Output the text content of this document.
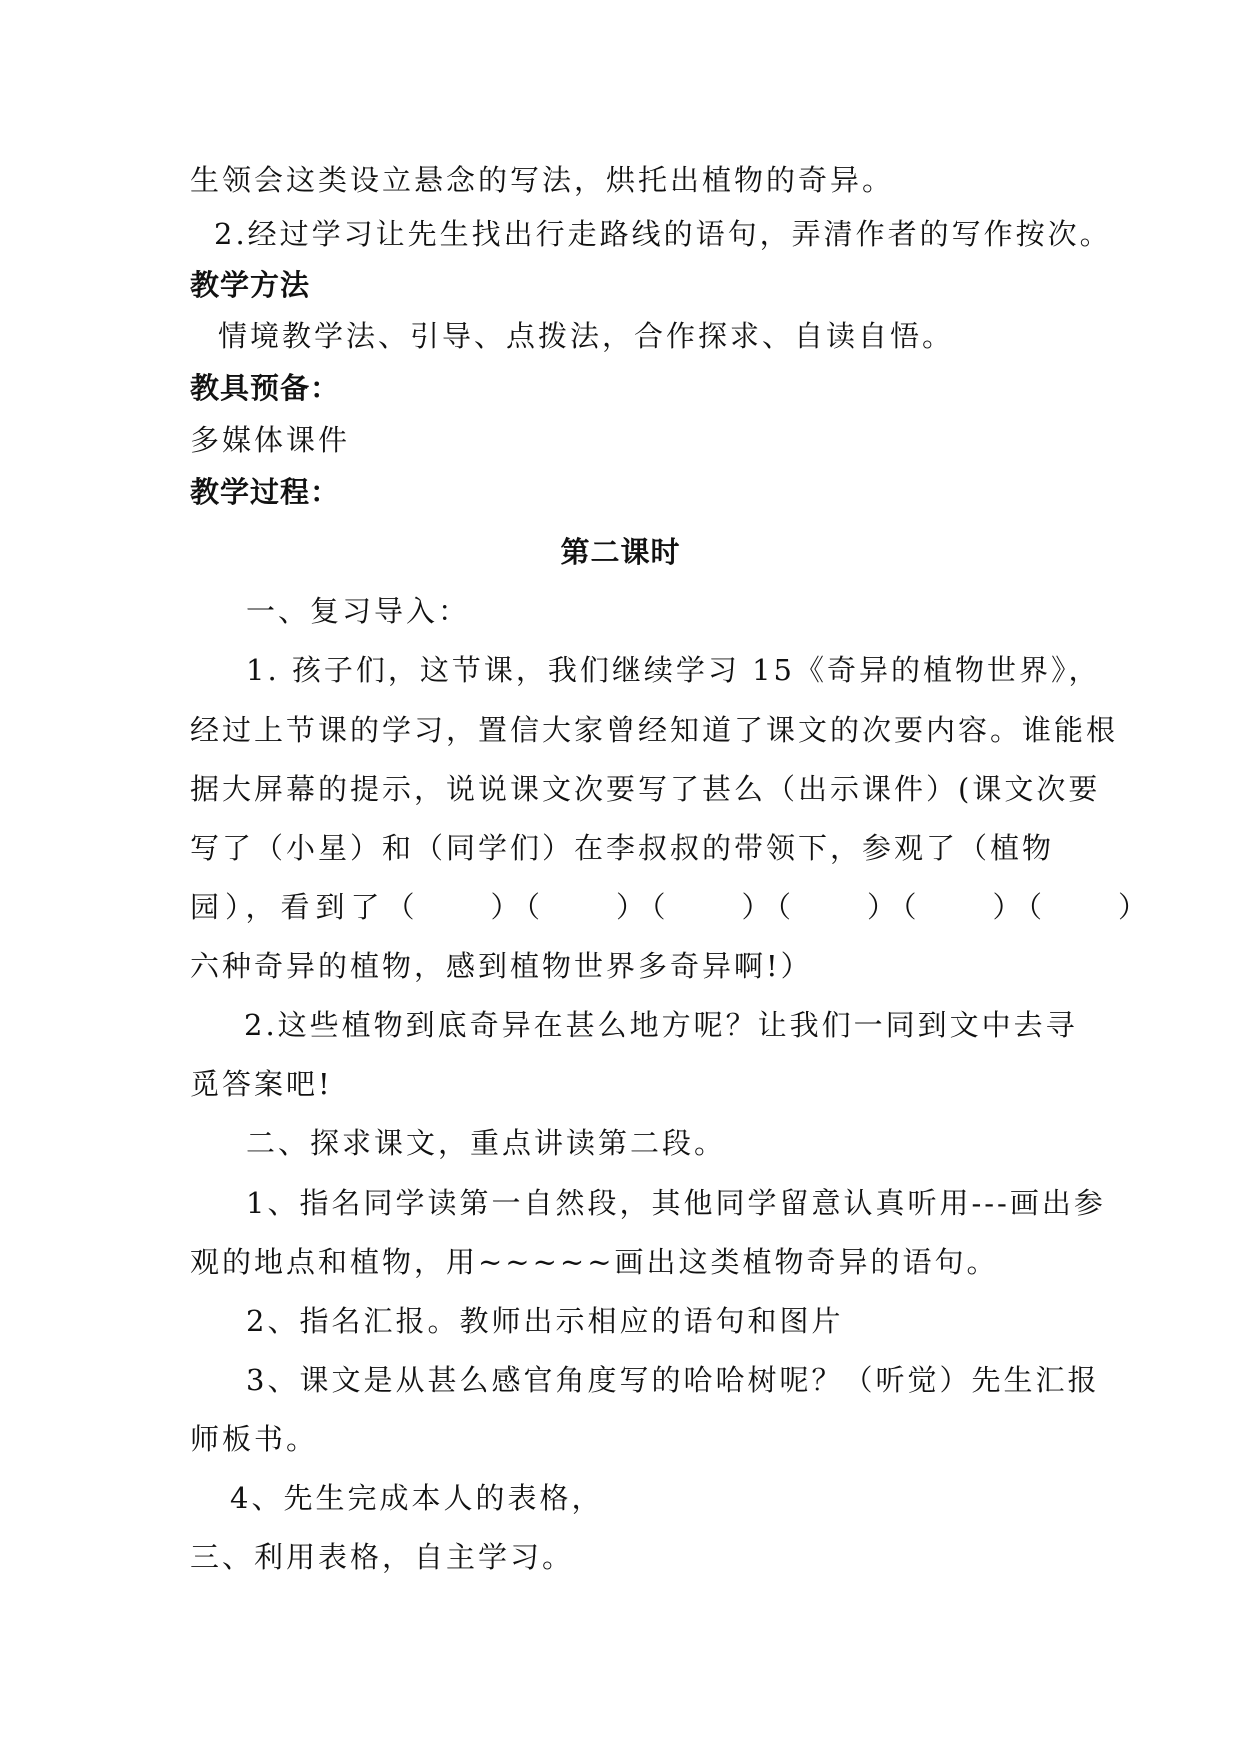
生领会这类设立悬念的写法，烘托出植物的奇异。
2.经过学习让先生找出行走路线的语句，弄清作者的写作按次。
教学方法
情境教学法、引导、点拨法，合作探求、自读自悟。
教具预备：
多媒体课件
教学过程：
第二课时
一、复习导入：
1. 孩子们，这节课，我们继续学习 15《奇异的植物世界》，
经过上节课的学习，置信大家曾经知道了课文的次要内容。谁能根
据大屏幕的提示，说说课文次要写了甚么（出示课件）(课文次要
写了（小星）和（同学们）在李叔叔的带领下，参观了（植物
园），看到了（　　）（　　）（　　）（　　）（　　）（　　）
六种奇异的植物，感到植物世界多奇异啊!）
2.这些植物到底奇异在甚么地方呢？让我们一同到文中去寻
觅答案吧!
二、探求课文，重点讲读第二段。
1、指名同学读第一自然段，其他同学留意认真听用---画出参
观的地点和植物，用~~~~~画出这类植物奇异的语句。
2、指名汇报。教师出示相应的语句和图片
3、课文是从甚么感官角度写的哈哈树呢？（听觉）先生汇报
师板书。
4、先生完成本人的表格，
三、利用表格，自主学习。
